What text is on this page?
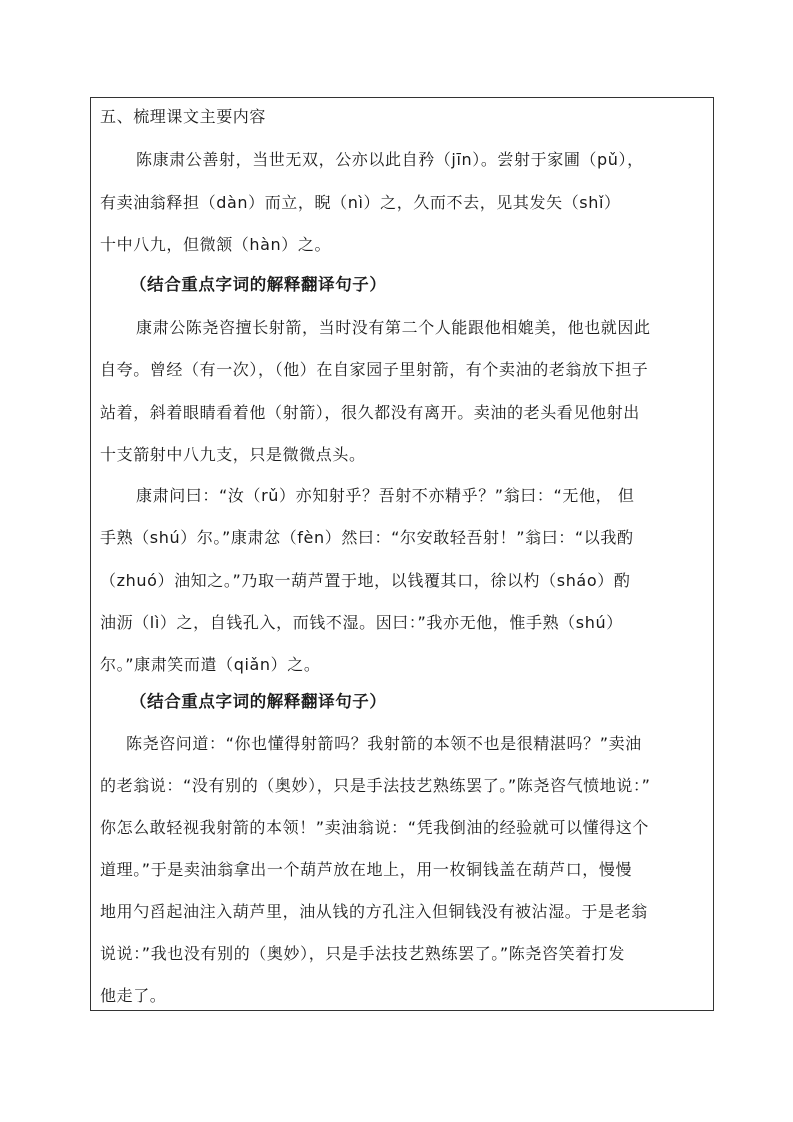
五、梳理课文主要内容
陈康肃公善射，当世无双，公亦以此自矜（jīn）。尝射于家圃（pǔ），
有卖油翁释担（dàn）而立，睨（nì）之，久而不去，见其发矢（shǐ）
十中八九，但微颔（hàn）之。
（结合重点字词的解释翻译句子）
康肃公陈尧咨擅长射箭，当时没有第二个人能跟他相媲美，他也就因此
自夸。曾经（有一次），（他）在自家园子里射箭，有个卖油的老翁放下担子
站着，斜着眼睛看着他（射箭），很久都没有离开。卖油的老头看见他射出
十支箭射中八九支，只是微微点头。
康肃问曰：“汝（rǔ）亦知射乎？吾射不亦精乎？”翁曰：“无他， 但
手熟（shú）尔。”康肃忿（fèn）然曰：“尔安敢轻吾射！”翁曰：“以我酌
（zhuó）油知之。”乃取一葫芦置于地，以钱覆其口，徐以杓（sháo）酌
油沥（lì）之，自钱孔入，而钱不湿。因曰：”我亦无他，惟手熟（shú）
尔。”康肃笑而遣（qiǎn）之。
（结合重点字词的解释翻译句子）
陈尧咨问道：“你也懂得射箭吗？我射箭的本领不也是很精湛吗？”卖油
的老翁说：“没有别的（奥妙），只是手法技艺熟练罢了。”陈尧咨气愤地说：”
你怎么敢轻视我射箭的本领！”卖油翁说：“凭我倒油的经验就可以懂得这个
道理。”于是卖油翁拿出一个葫芦放在地上，用一枚铜钱盖在葫芦口，慢慢
地用勺舀起油注入葫芦里，油从钱的方孔注入但铜钱没有被沾湿。于是老翁
说说：”我也没有别的（奥妙），只是手法技艺熟练罢了。”陈尧咨笑着打发
他走了。
